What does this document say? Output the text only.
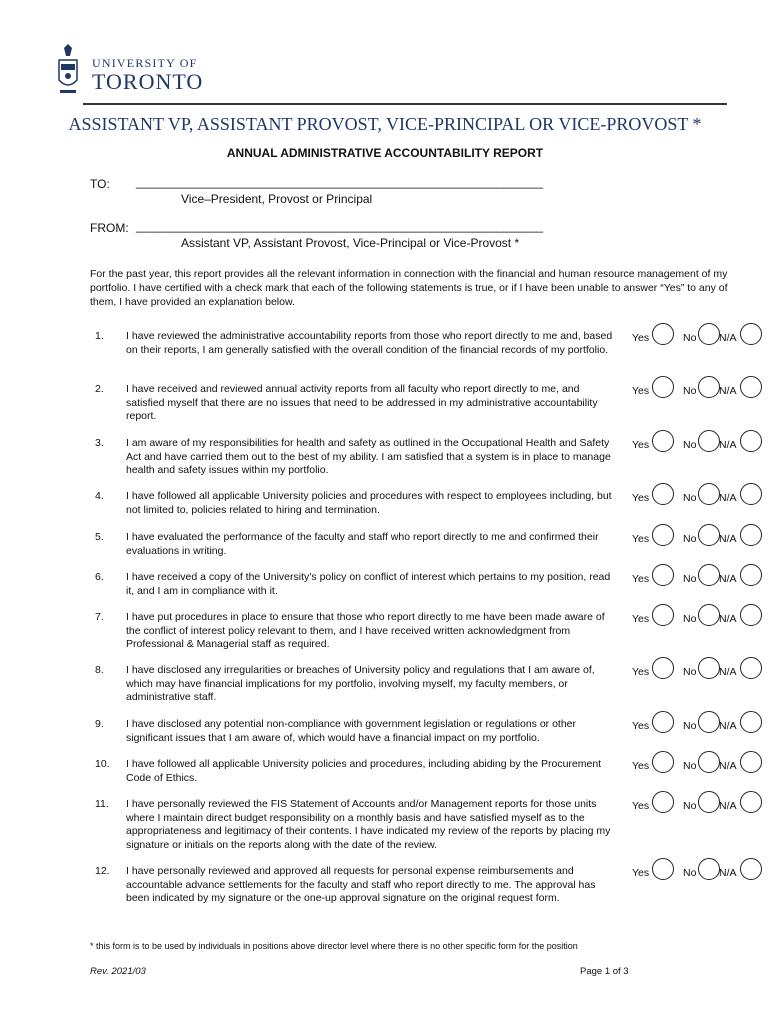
UNIVERSITY OF
TORONTO
ASSISTANT VP, ASSISTANT PROVOST, VICE-PRINCIPAL OR VICE-PROVOST *
ANNUAL ADMINISTRATIVE ACCOUNTABILITY REPORT
TO: _____________________________________________________________
Vice–President, Provost or Principal
FROM: _____________________________________________________________
Assistant VP, Assistant Provost, Vice-Principal or Vice-Provost *
For the past year, this report provides all the relevant information in connection with the financial and human resource management of my portfolio. I have certified with a check mark that each of the following statements is true, or if I have been unable to answer “Yes” to any of them, I have provided an explanation below.
1. I have reviewed the administrative accountability reports from those who report directly to me and, based on their reports, I am generally satisfied with the overall condition of the financial records of my portfolio.
Yes	No N/A
2. I have received and reviewed annual activity reports from all faculty who report directly to me, and satisfied myself that there are no issues that need to be addressed in my administrative accountability report.
Yes	No N/A
3. I am aware of my responsibilities for health and safety as outlined in the Occupational Health and Safety Act and have carried them out to the best of my ability. I am satisfied that a system is in place to manage health and safety issues within my portfolio.
Yes	No N/A
4. I have followed all applicable University policies and procedures with respect to employees including, but not limited to, policies related to hiring and termination.
Yes	No N/A
5. I have evaluated the performance of the faculty and staff who report directly to me and confirmed their evaluations in writing.
Yes	No N/A
6. I have received a copy of the University’s policy on conflict of interest which pertains to my position, read it, and I am in compliance with it.
Yes	No N/A
7. I have put procedures in place to ensure that those who report directly to me have been made aware of the conflict of interest policy relevant to them, and I have received written acknowledgment from Professional & Managerial staff as required.
Yes	No N/A
8. I have disclosed any irregularities or breaches of University policy and regulations that I am aware of, which may have financial implications for my portfolio, involving myself, my faculty members, or administrative staff.
Yes	No N/A
9. I have disclosed any potential non-compliance with government legislation or regulations or other significant issues that I am aware of, which would have a financial impact on my portfolio.
Yes	No N/A
10. I have followed all applicable University policies and procedures, including abiding by the Procurement Code of Ethics.
Yes	No N/A
11. I have personally reviewed the FIS Statement of Accounts and/or Management reports for those units where I maintain direct budget responsibility on a monthly basis and have satisfied myself as to the appropriateness and legitimacy of their contents. I have indicated my review of the reports by placing my signature or initials on the reports along with the date of the review.
Yes	No N/A
12. I have personally reviewed and approved all requests for personal expense reimbursements and accountable advance settlements for the faculty and staff who report directly to me. The approval has been indicated by my signature or the one-up approval signature on the original request form.
Yes	No N/A
* this form is to be used by individuals in positions above director level where there is no other specific form for the position
Rev. 2021/03	Page 1 of 3
